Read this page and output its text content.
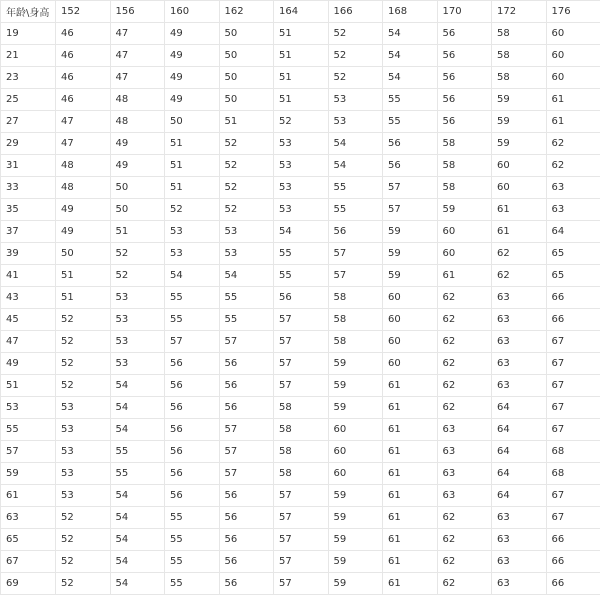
年龄\身高	152	156	160	162	164	166	168	170	172	176
19	46	47	49	50	51	52	54	56	58	60
21	46	47	49	50	51	52	54	56	58	60
23	46	47	49	50	51	52	54	56	58	60
25	46	48	49	50	51	53	55	56	59	61
27	47	48	50	51	52	53	55	56	59	61
29	47	49	51	52	53	54	56	58	59	62
31	48	49	51	52	53	54	56	58	60	62
33	48	50	51	52	53	55	57	58	60	63
35	49	50	52	52	53	55	57	59	61	63
37	49	51	53	53	54	56	59	60	61	64
39	50	52	53	53	55	57	59	60	62	65
41	51	52	54	54	55	57	59	61	62	65
43	51	53	55	55	56	58	60	62	63	66
45	52	53	55	55	57	58	60	62	63	66
47	52	53	57	57	57	58	60	62	63	67
49	52	53	56	56	57	59	60	62	63	67
51	52	54	56	56	57	59	61	62	63	67
53	53	54	56	56	58	59	61	62	64	67
55	53	54	56	57	58	60	61	63	64	67
57	53	55	56	57	58	60	61	63	64	68
59	53	55	56	57	58	60	61	63	64	68
61	53	54	56	56	57	59	61	63	64	67
63	52	54	55	56	57	59	61	62	63	67
65	52	54	55	56	57	59	61	62	63	66
67	52	54	55	56	57	59	61	62	63	66
69	52	54	55	56	57	59	61	62	63	66
